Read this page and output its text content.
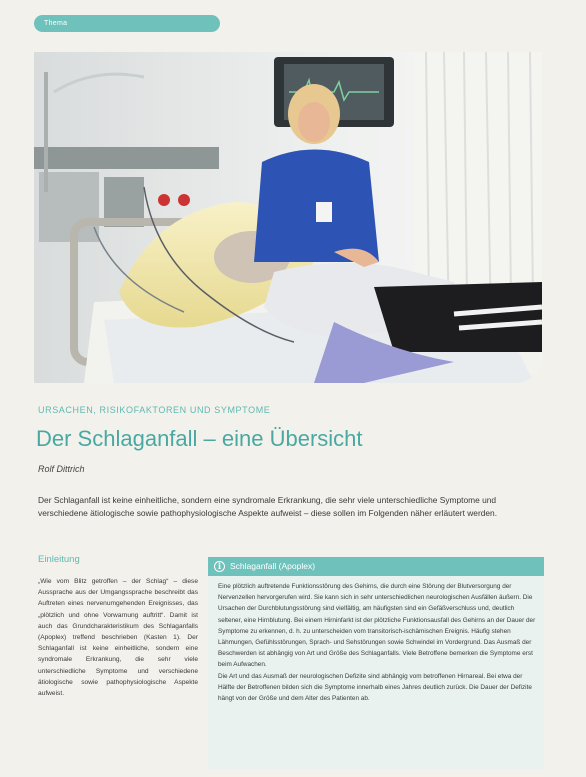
Thema
URSACHEN, RISIKOFAKTOREN UND SYMPTOME
Der Schlaganfall – eine Übersicht
Rolf Dittrich
Der Schlaganfall ist keine einheitliche, sondern eine syndromale Erkrankung, die sehr viele unterschiedliche Symptome und verschiedene ätiologische sowie pathophysiologische Aspekte aufweist – diese sollen im Folgenden näher erläutert werden.
Einleitung
„Wie vom Blitz getroffen – der Schlag“ – diese Aussprache aus der Umgangssprache beschreibt das Auftreten eines nervenumgehenden Ereignisses, das „plötzlich und ohne Vorwarnung auftritt“. Damit ist auch das Grundcharakteristikum des Schlaganfalls (Apoplex) treffend beschrieben (Kasten 1). Der Schlaganfall ist keine einheitliche, sondern eine syndromale Erkrankung, die sehr viele unterschiedliche Symptome und verschiedene ätiologische sowie pathophysiologische Aspekte aufweist.
i	Schlaganfall (Apoplex)

Eine plötzlich auftretende Funktionsstörung des Gehirns, die durch eine Störung der Blutversorgung der Nervenzellen hervorgerufen wird. Sie kann sich in sehr unterschiedlichen neurologischen Ausfällen äußern. Die Ursachen der Durchblutungsstörung sind vielfältig, am häufigsten sind ein Gefäßverschluss und, deutlich seltener, eine Hirnblutung. Bei einem Hirninfarkt ist der plötzliche Funktionsausfall des Gehirns an der Dauer der Symptome zu erkennen, d. h. zu unterscheiden vom transitorisch-ischämischen Ereignis. Häufig stehen Lähmungen, Gefühlsstörungen, Sprach- und Sehstörungen sowie Schwindel im Vordergrund. Das Ausmaß der Beschwerden ist abhängig von Art und Größe des Schlaganfalls. Viele Betroffene bemerken die Symptome erst beim Aufwachen.

Die Art und das Ausmaß der neurologischen Defizite sind abhängig vom betroffenen Hirnareal. Bei etwa der Hälfte der Betroffenen bilden sich die Symptome innerhalb eines Jahres deutlich zurück. Die Dauer der Defizite hängt von der Größe und dem Alter des Patienten ab.
